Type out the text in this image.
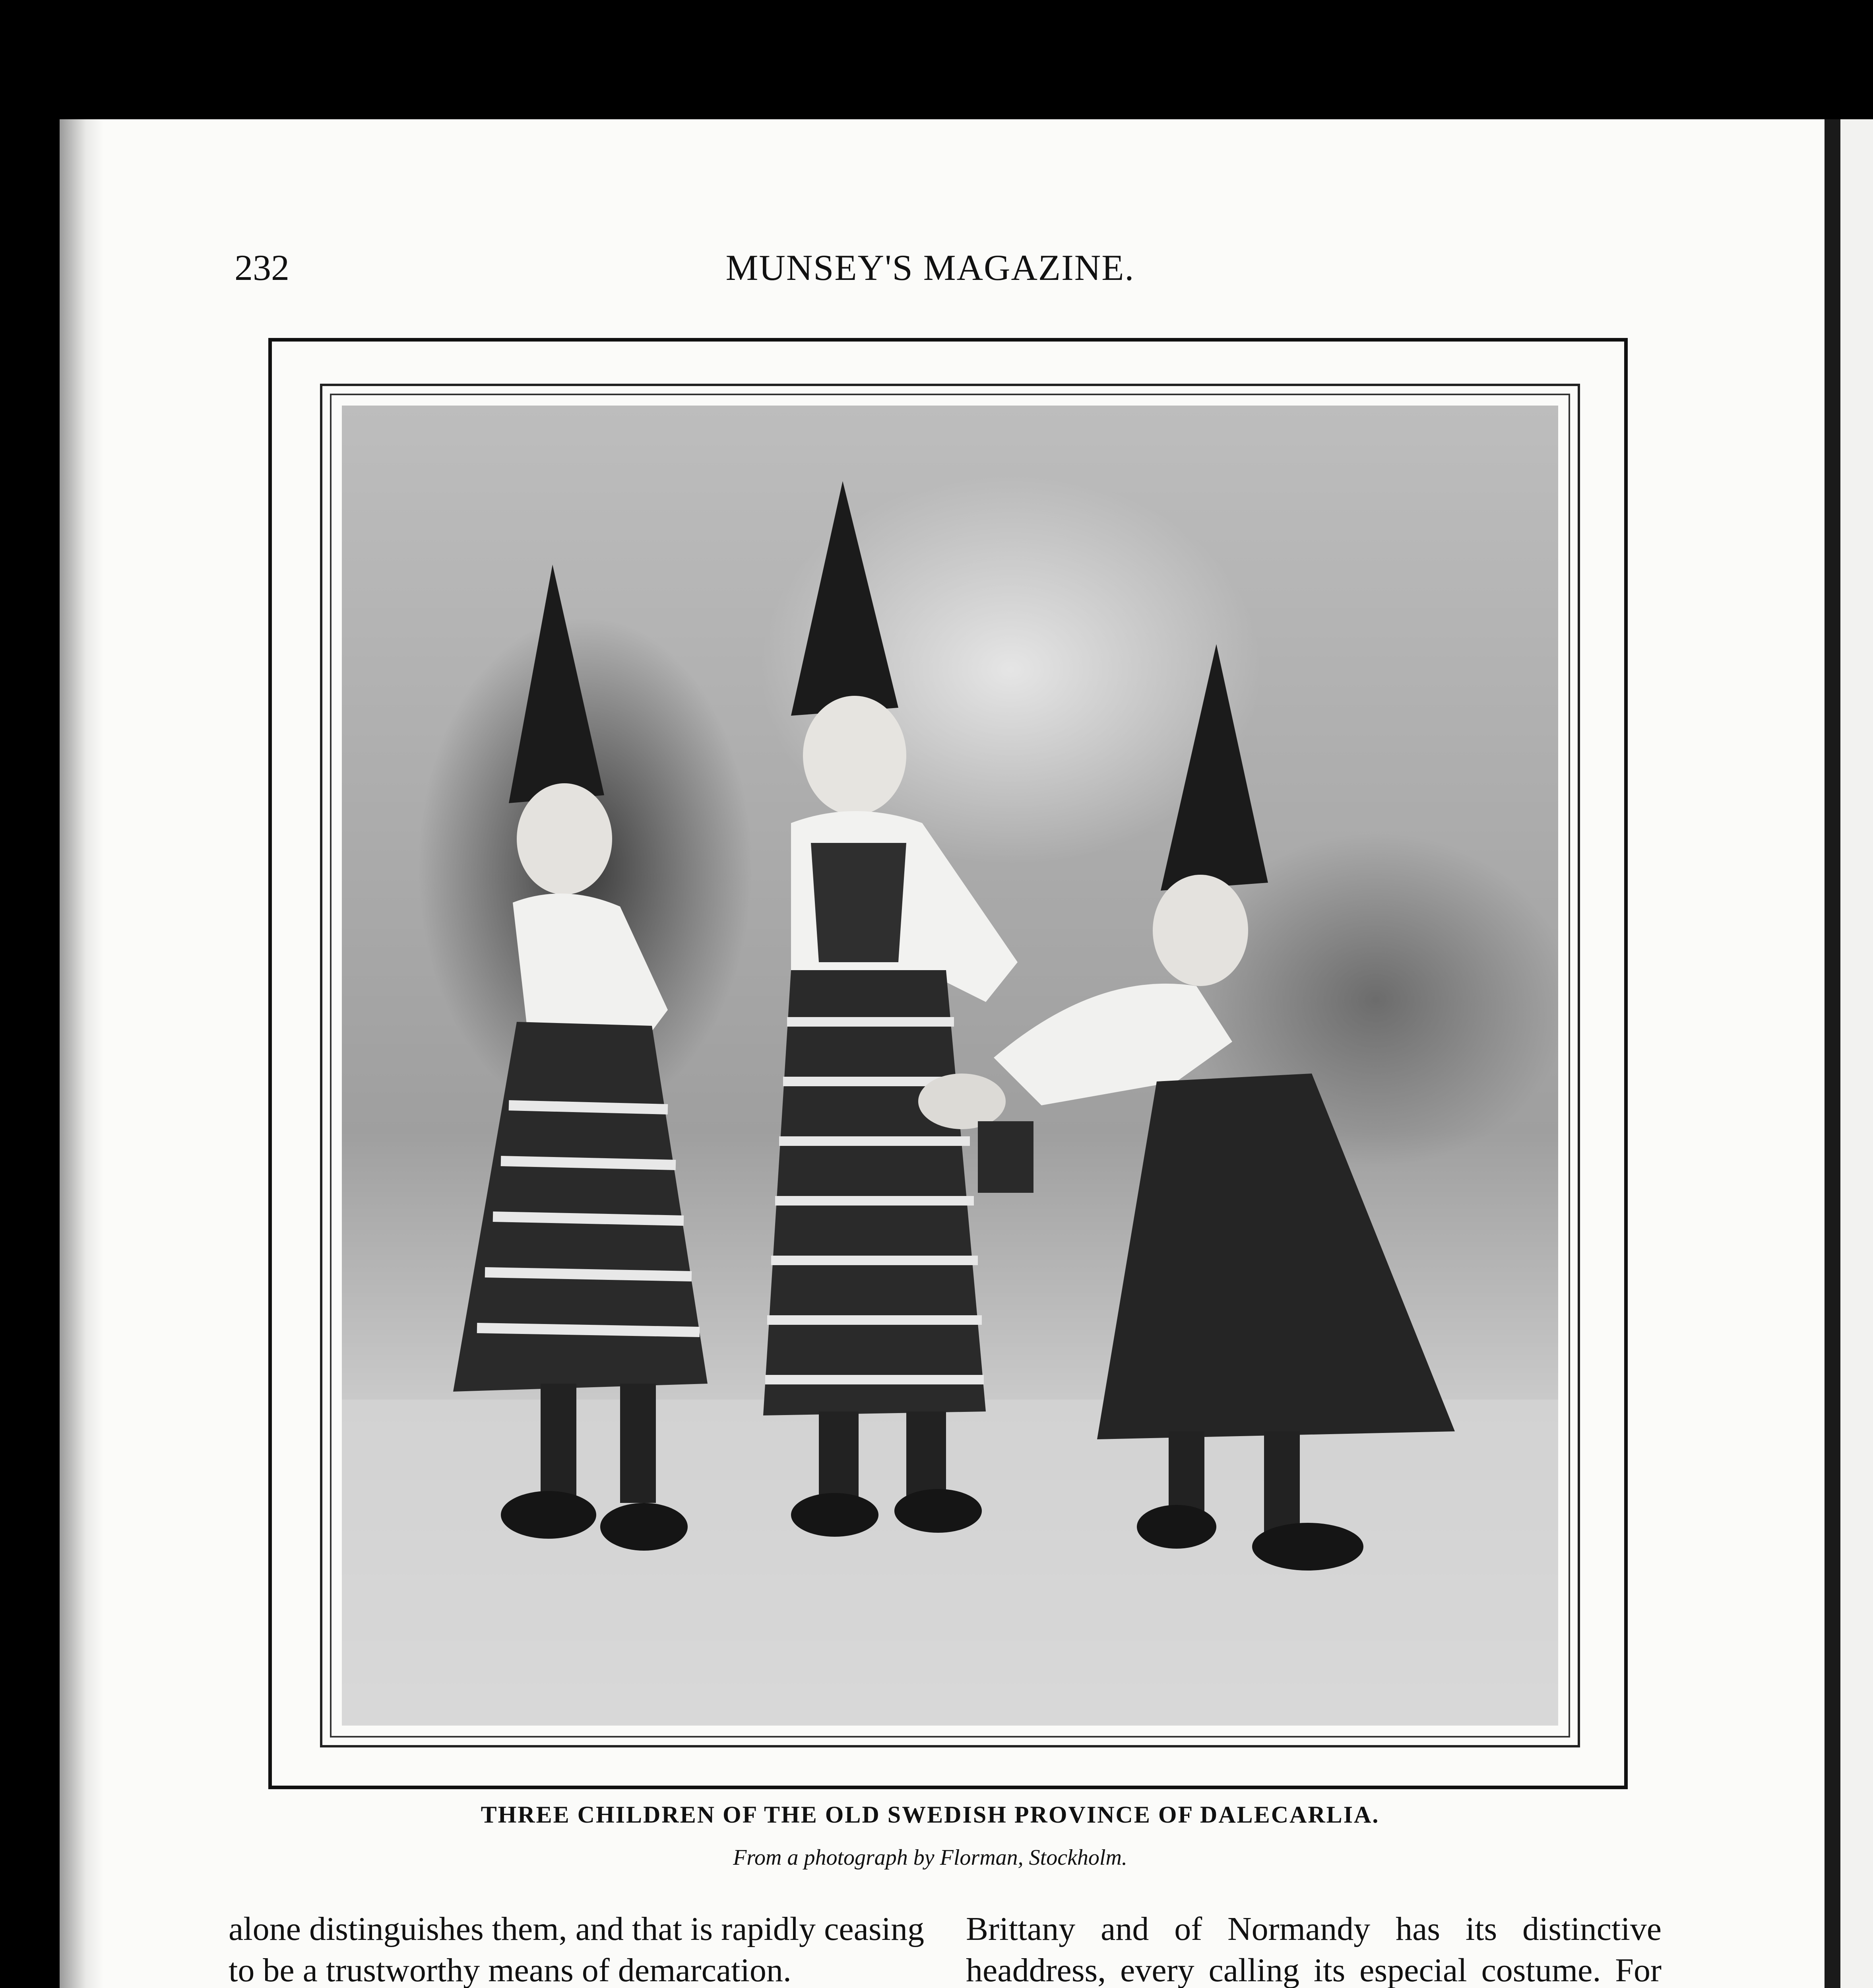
232	MUNSEY'S MAGAZINE.
THREE CHILDREN OF THE OLD SWEDISH PROVINCE OF DALECARLIA.
From a photograph by Florman, Stockholm.

alone distinguishes them, and that is rapidly ceasing to be a trustworthy means of demarcation.

Brittany and of Normandy has its distinctive headdress, every calling its especial costume. For
